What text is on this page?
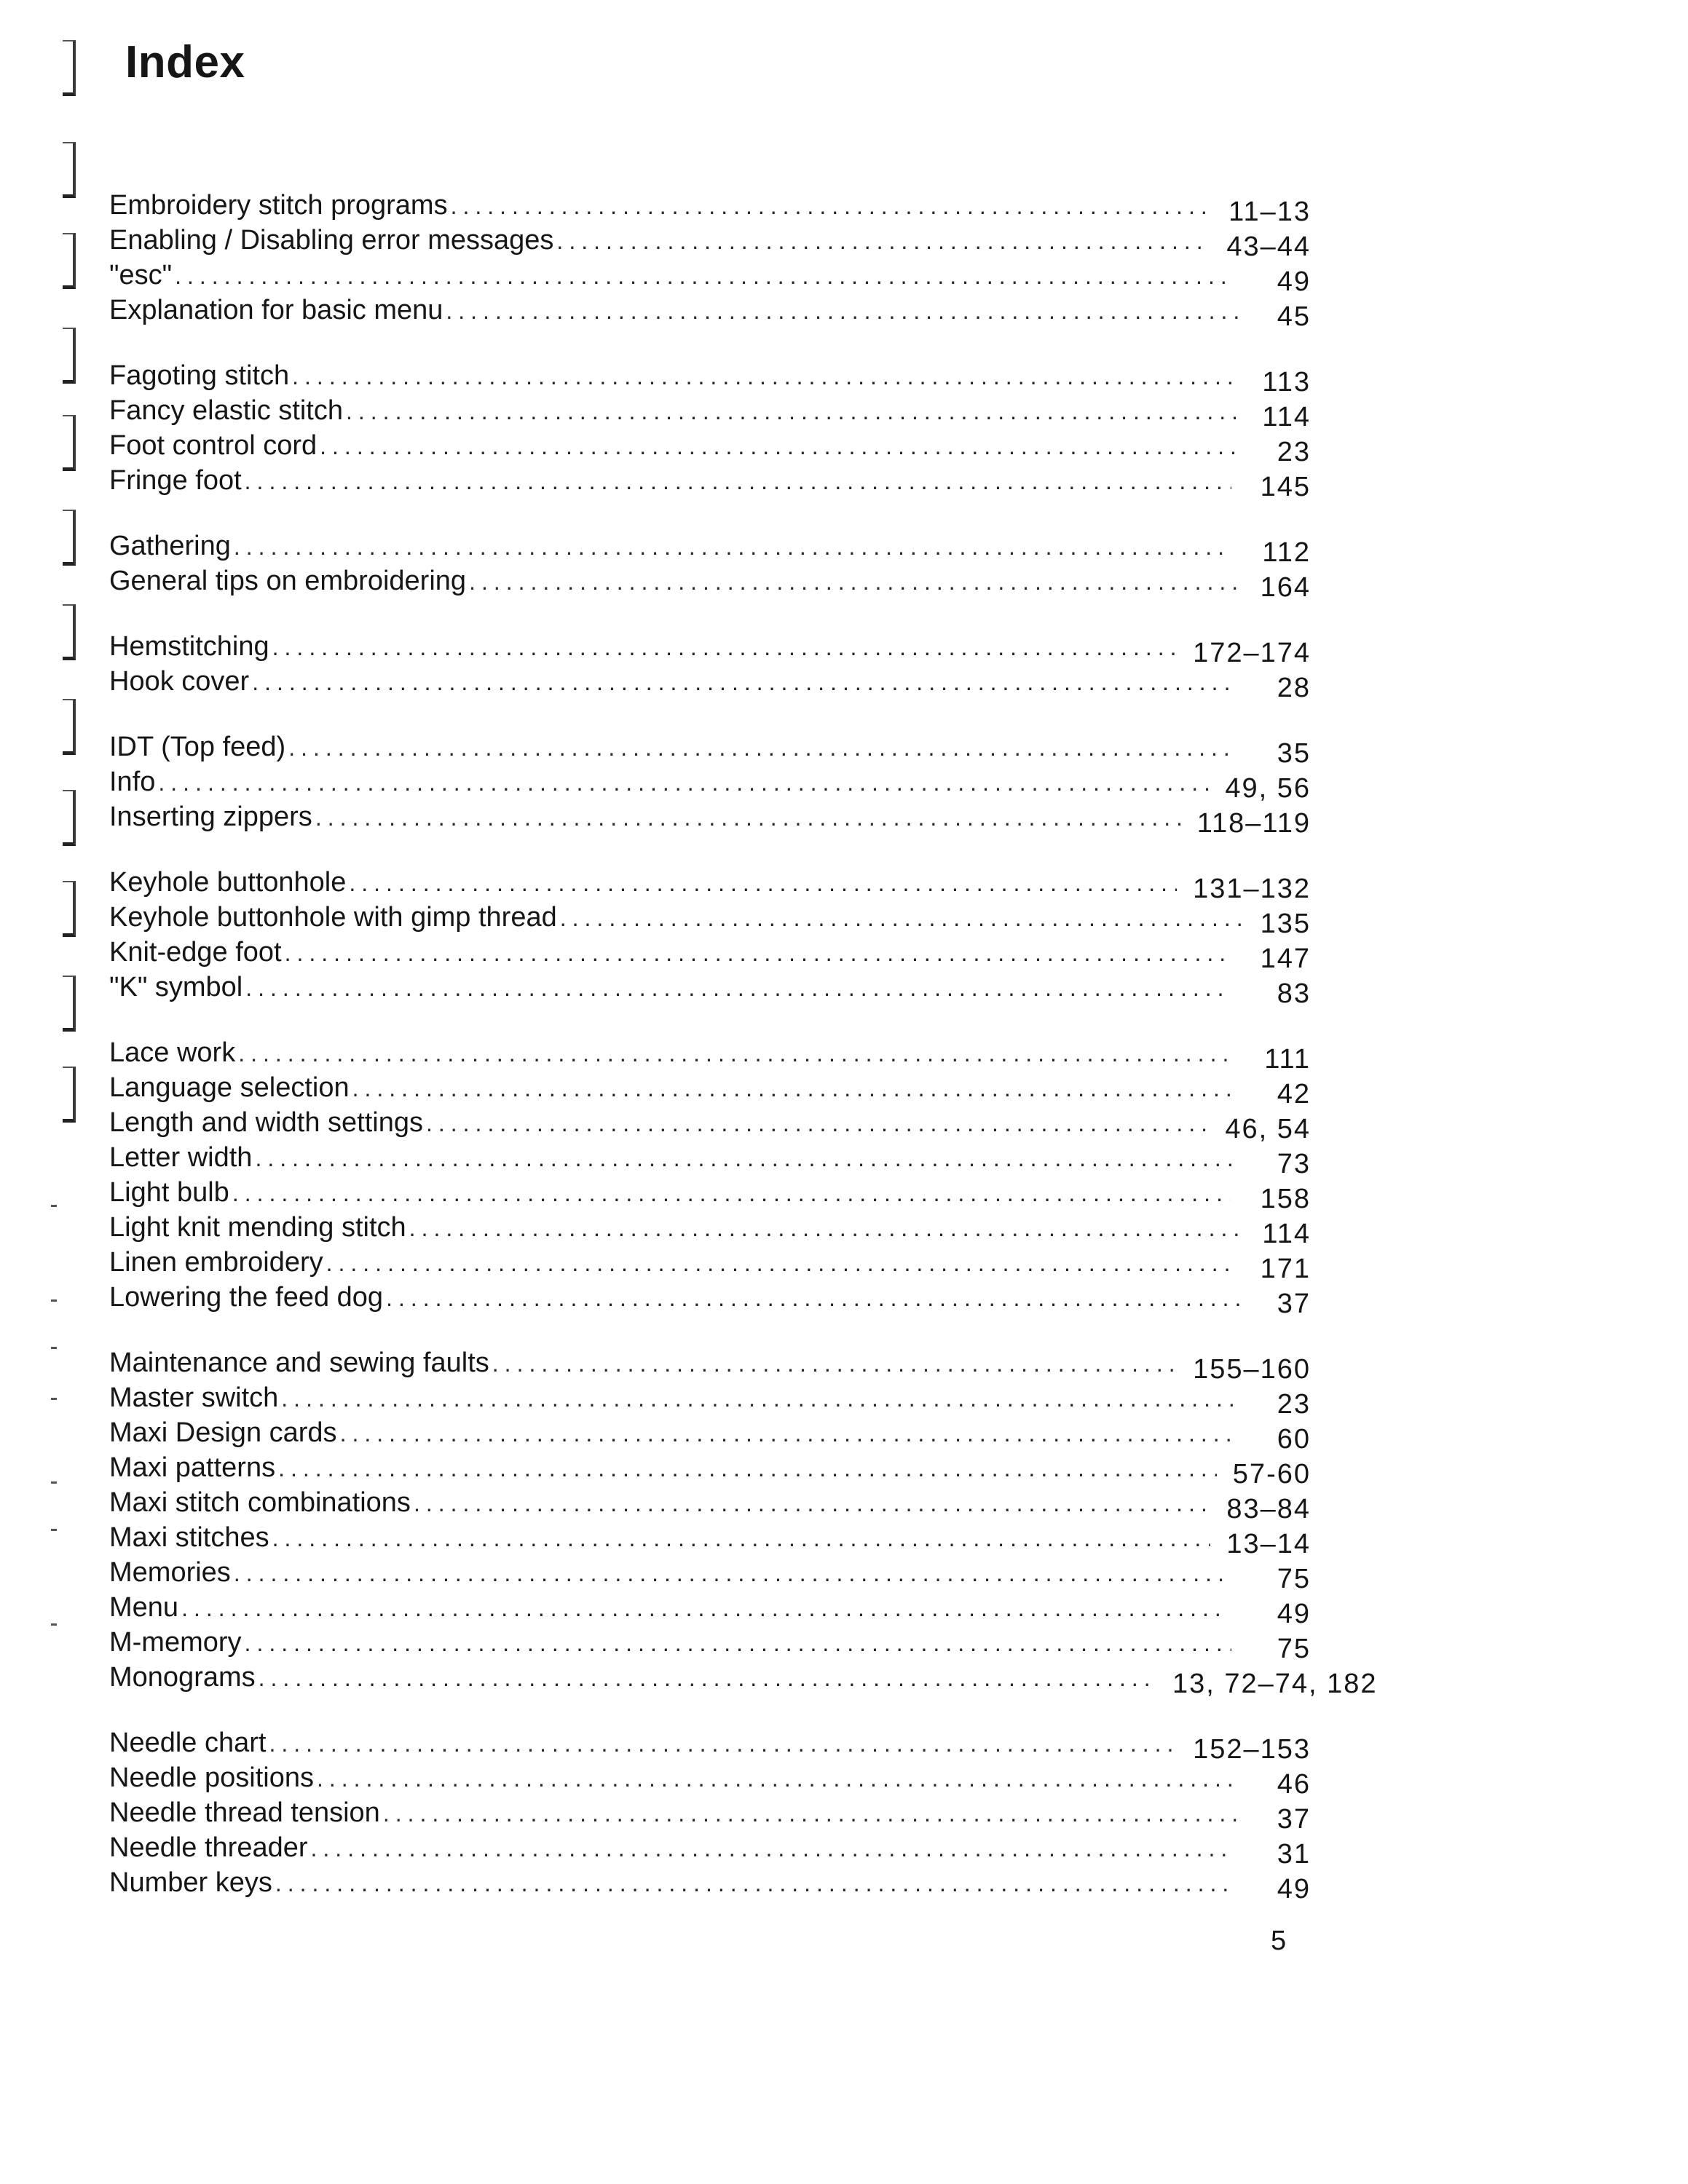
Index
Embroidery stitch programs .....	11–13
Enabling / Disabling error messages .....	43–44
"esc" .....	49
Explanation for basic menu .....	45
Fagoting stitch .....	113
Fancy elastic stitch .....	114
Foot control cord .....	23
Fringe foot .....	145
Gathering .....	112
General tips on embroidering .....	164
Hemstitching .....	172–174
Hook cover .....	28
IDT (Top feed) .....	35
Info .....	49, 56
Inserting zippers .....	118–119
Keyhole buttonhole .....	131–132
Keyhole buttonhole with gimp thread .....	135
Knit-edge foot .....	147
"K" symbol .....	83
Lace work .....	111
Language selection .....	42
Length and width settings .....	46, 54
Letter width .....	73
Light bulb .....	158
Light knit mending stitch .....	114
Linen embroidery .....	171
Lowering the feed dog .....	37
Maintenance and sewing faults .....	155–160
Master switch .....	23
Maxi Design cards .....	60
Maxi patterns .....	57-60
Maxi stitch combinations .....	83–84
Maxi stitches .....	13–14
Memories .....	75
Menu .....	49
M-memory .....	75
Monograms .....	13, 72–74, 182
Needle chart .....	152–153
Needle positions .....	46
Needle thread tension .....	37
Needle threader .....	31
Number keys .....	49
5
